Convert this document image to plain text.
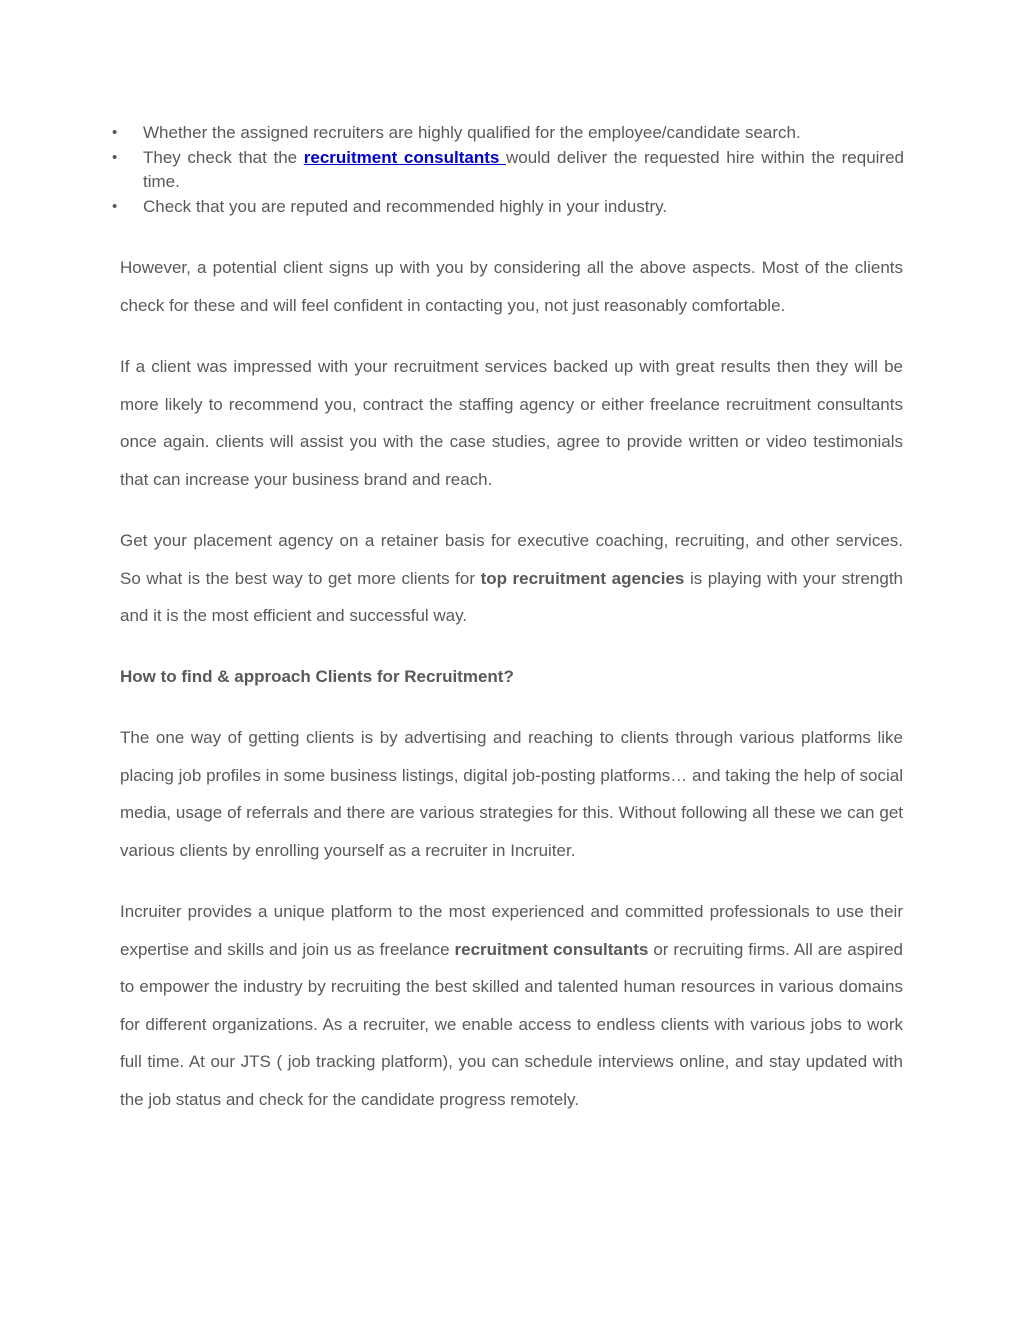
• Whether the assigned recruiters are highly qualified for the employee/candidate search.
• They check that the recruitment consultants would deliver the requested hire within the required time.
• Check that you are reputed and recommended highly in your industry.

However, a potential client signs up with you by considering all the above aspects. Most of the clients check for these and will feel confident in contacting you, not just reasonably comfortable.

If a client was impressed with your recruitment services backed up with great results then they will be more likely to recommend you, contract the staffing agency or either freelance recruitment consultants once again. clients will assist you with the case studies, agree to provide written or video testimonials that can increase your business brand and reach.

Get your placement agency on a retainer basis for executive coaching, recruiting, and other services. So what is the best way to get more clients for top recruitment agencies is playing with your strength and it is the most efficient and successful way.

How to find & approach Clients for Recruitment?

The one way of getting clients is by advertising and reaching to clients through various platforms like placing job profiles in some business listings, digital job-posting platforms… and taking the help of social media, usage of referrals and there are various strategies for this. Without following all these we can get various clients by enrolling yourself as a recruiter in Incruiter.

Incruiter provides a unique platform to the most experienced and committed professionals to use their expertise and skills and join us as freelance recruitment consultants or recruiting firms. All are aspired to empower the industry by recruiting the best skilled and talented human resources in various domains for different organizations. As a recruiter, we enable access to endless clients with various jobs to work full time. At our JTS ( job tracking platform), you can schedule interviews online, and stay updated with the job status and check for the candidate progress remotely.
